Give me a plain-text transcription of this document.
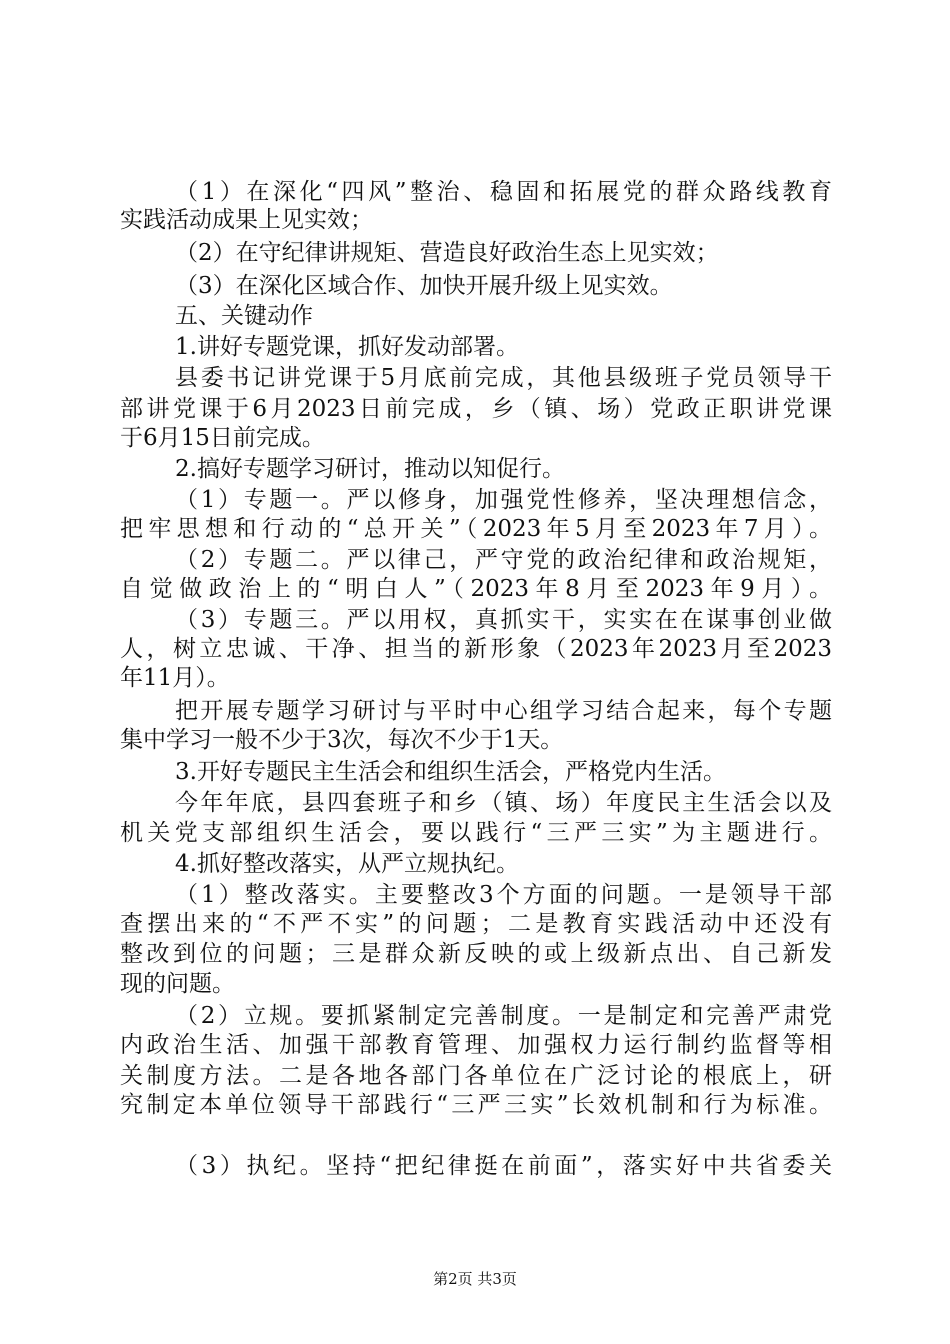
（1）在深化“四风”整治、稳固和拓展党的群众路线教育
实践活动成果上见实效；
（2）在守纪律讲规矩、营造良好政治生态上见实效；
（3）在深化区域合作、加快开展升级上见实效。
五、关键动作
1.讲好专题党课，抓好发动部署。
县委书记讲党课于5月底前完成，其他县级班子党员领导干
部讲党课于6月2023日前完成，乡（镇、场）党政正职讲党课
于6月15日前完成。
2.搞好专题学习研讨，推动以知促行。
（1）专题一。严以修身，加强党性修养，坚决理想信念，
把牢思想和行动的“总开关”（2023年5月至2023年7月）。
（2）专题二。严以律己，严守党的政治纪律和政治规矩，
自觉做政治上的“明白人”（2023年8月至2023年9月）。
（3）专题三。严以用权，真抓实干，实实在在谋事创业做
人，树立忠诚、干净、担当的新形象（2023年2023月至2023
年11月）。
把开展专题学习研讨与平时中心组学习结合起来，每个专题
集中学习一般不少于3次，每次不少于1天。
3.开好专题民主生活会和组织生活会，严格党内生活。
今年年底，县四套班子和乡（镇、场）年度民主生活会以及
机关党支部组织生活会，要以践行“三严三实”为主题进行。
4.抓好整改落实，从严立规执纪。
（1）整改落实。主要整改3个方面的问题。一是领导干部
查摆出来的“不严不实”的问题；二是教育实践活动中还没有
整改到位的问题；三是群众新反映的或上级新点出、自己新发
现的问题。
（2）立规。要抓紧制定完善制度。一是制定和完善严肃党
内政治生活、加强干部教育管理、加强权力运行制约监督等相
关制度方法。二是各地各部门各单位在广泛讨论的根底上，研
究制定本单位领导干部践行“三严三实”长效机制和行为标准。
（3）执纪。坚持“把纪律挺在前面”，落实好中共省委关
第2页 共3页
